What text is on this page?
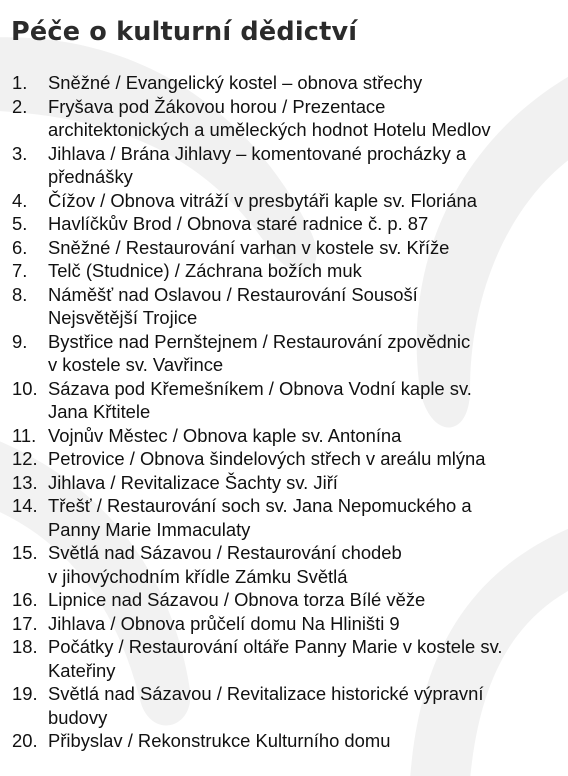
Péče o kulturní dědictví
1. Sněžné / Evangelický kostel – obnova střechy
2. Fryšava pod Žákovou horou / Prezentace
architektonických a uměleckých hodnot Hotelu Medlov
3. Jihlava / Brána Jihlavy – komentované procházky a
přednášky
4. Čížov / Obnova vitráží v presbytáři kaple sv. Floriána
5. Havlíčkův Brod / Obnova staré radnice č. p. 87
6. Sněžné / Restaurování varhan v kostele sv. Kříže
7. Telč (Studnice) / Záchrana božích muk
8. Náměšť nad Oslavou / Restaurování Sousoší
Nejsvětější Trojice
9. Bystřice nad Pernštejnem / Restaurování zpovědnic
v kostele sv. Vavřince
10. Sázava pod Křemešníkem / Obnova Vodní kaple sv.
Jana Křtitele
11. Vojnův Městec / Obnova kaple sv. Antonína
12. Petrovice / Obnova šindelových střech v areálu mlýna
13. Jihlava / Revitalizace Šachty sv. Jiří
14. Třešť / Restaurování soch sv. Jana Nepomuckého a
Panny Marie Immaculaty
15. Světlá nad Sázavou / Restaurování chodeb
v jihovýchodním křídle Zámku Světlá
16. Lipnice nad Sázavou / Obnova torza Bílé věže
17. Jihlava / Obnova průčelí domu Na Hliništi 9
18. Počátky / Restaurování oltáře Panny Marie v kostele sv.
Kateřiny
19. Světlá nad Sázavou / Revitalizace historické výpravní
budovy
20. Přibyslav / Rekonstrukce Kulturního domu
